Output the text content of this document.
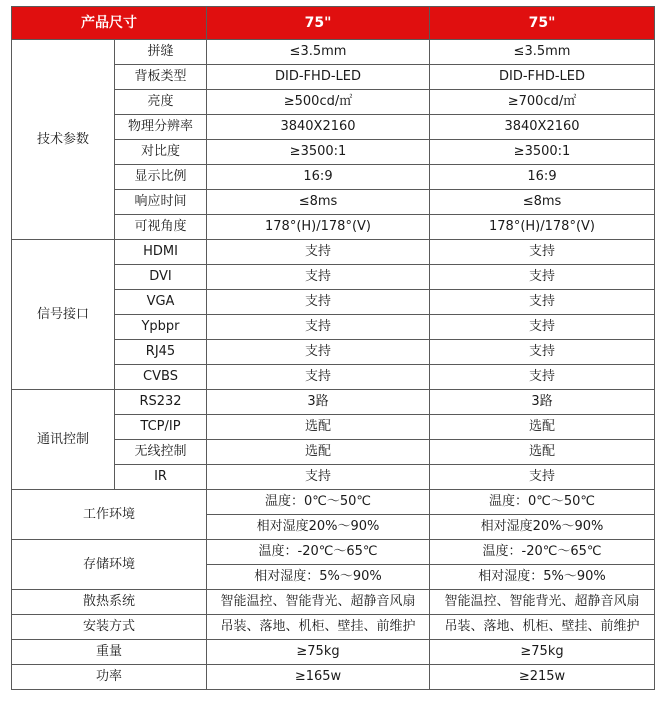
产品尺寸		75"	75"
技术参数	拼缝	≤3.5mm	≤3.5mm
	背板类型	DID-FHD-LED	DID-FHD-LED
	亮度	≥500cd/㎡	≥700cd/㎡
	物理分辨率	3840X2160	3840X2160
	对比度	≥3500:1	≥3500:1
	显示比例	16:9	16:9
	响应时间	≤8ms	≤8ms
	可视角度	178°(H)/178°(V)	178°(H)/178°(V)
信号接口	HDMI	支持	支持
	DVI	支持	支持
	VGA	支持	支持
	Ypbpr	支持	支持
	RJ45	支持	支持
	CVBS	支持	支持
通讯控制	RS232	3路	3路
	TCP/IP	选配	选配
	无线控制	选配	选配
	IR	支持	支持
工作环境		温度：0℃～50℃	温度：0℃～50℃
		相对湿度20%～90%	相对湿度20%～90%
存储环境		温度：-20℃～65℃	温度：-20℃～65℃
		相对湿度：5%～90%	相对湿度：5%～90%
散热系统		智能温控、智能背光、超静音风扇	智能温控、智能背光、超静音风扇
安装方式		吊装、落地、机柜、壁挂、前维护	吊装、落地、机柜、壁挂、前维护
重量		≥75kg	≥75kg
功率		≥165w	≥215w
